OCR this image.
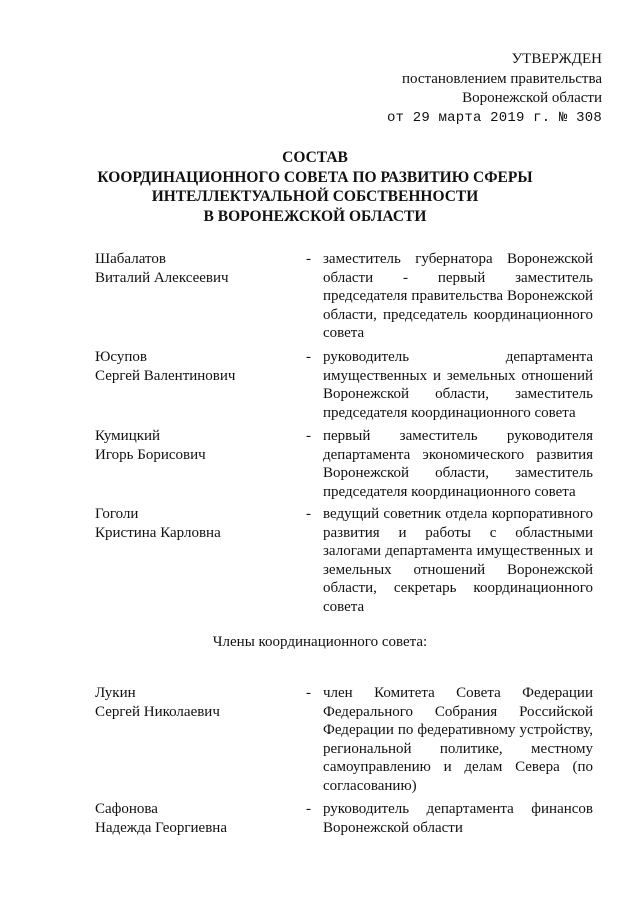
УТВЕРЖДЕН
постановлением правительства
Воронежской области
от 29 марта 2019 г. № 308
СОСТАВ
КООРДИНАЦИОННОГО СОВЕТА ПО РАЗВИТИЮ СФЕРЫ
ИНТЕЛЛЕКТУАЛЬНОЙ СОБСТВЕННОСТИ
В ВОРОНЕЖСКОЙ ОБЛАСТИ
Шабалатов
Виталий Алексеевич
- заместитель губернатора Воронежской области - первый заместитель председателя правительства Воронежской области, председатель координационного совета
Юсупов
Сергей Валентинович
- руководитель департамента имущественных и земельных отношений Воронежской области, заместитель председателя координационного совета
Кумицкий
Игорь Борисович
- первый заместитель руководителя департамента экономического развития Воронежской области, заместитель председателя координационного совета
Гоголи
Кристина Карловна
- ведущий советник отдела корпоративного развития и работы с областными залогами департамента имущественных и земельных отношений Воронежской области, секретарь координационного совета
Члены координационного совета:
Лукин
Сергей Николаевич
- член Комитета Совета Федерации Федерального Собрания Российской Федерации по федеративному устройству, региональной политике, местному самоуправлению и делам Севера (по согласованию)
Сафонова
Надежда Георгиевна
- руководитель департамента финансов Воронежской области
